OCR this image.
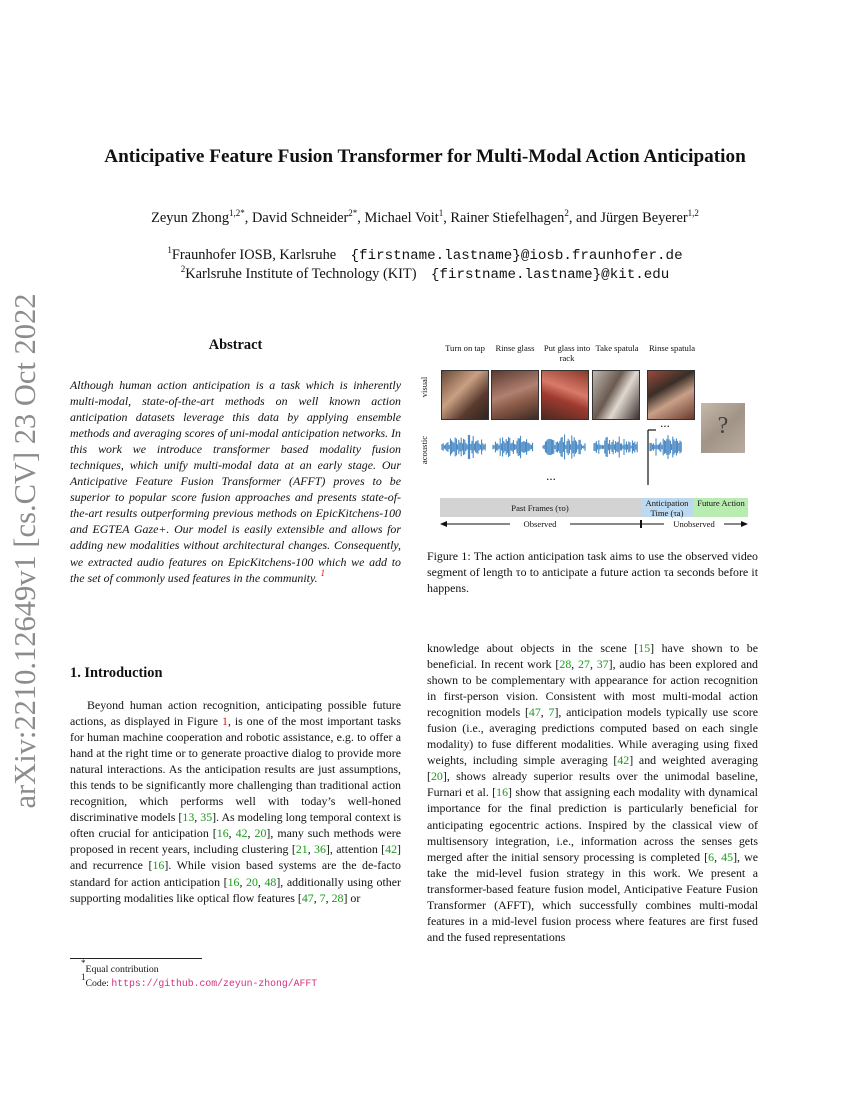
arXiv:2210.12649v1 [cs.CV] 23 Oct 2022
Anticipative Feature Fusion Transformer for Multi-Modal Action Anticipation
Zeyun Zhong$^{1,2*}$, David Schneider$^{2*}$, Michael Voit$^1$, Rainer Stiefelhagen$^2$, and Jürgen Beyerer$^{1,2}$
$^1$Fraunhofer IOSB, Karlsruhe {firstname.lastname}@iosb.fraunhofer.de
$^2$Karlsruhe Institute of Technology (KIT) {firstname.lastname}@kit.edu
Abstract
Although human action anticipation is a task which is inherently multi-modal, state-of-the-art methods on well known action anticipation datasets leverage this data by applying ensemble methods and averaging scores of uni-modal anticipation networks. In this work we introduce transformer based modality fusion techniques, which unify multi-modal data at an early stage. Our Anticipative Feature Fusion Transformer (AFFT) proves to be superior to popular score fusion approaches and presents state-of-the-art results outperforming previous methods on EpicKitchens-100 and EGTEA Gaze+. Our model is easily extensible and allows for adding new modalities without architectural changes. Consequently, we extracted audio features on EpicKitchens-100 which we add to the set of commonly used features in the community. $^1$
1. Introduction
Beyond human action recognition, anticipating possible future actions, as displayed in Figure 1, is one of the most important tasks for human machine cooperation and robotic assistance, e.g. to offer a hand at the right time or to generate proactive dialog to provide more natural interactions. As the anticipation results are just assumptions, this tends to be significantly more challenging than traditional action recognition, which performs well with today’s well-honed discriminative models [13, 35]. As modeling long temporal context is often crucial for anticipation [16, 42, 20], many such methods were proposed in recent years, including clustering [21, 36], attention [42] and recurrence [16]. While vision based systems are the de-facto standard for action anticipation [16, 20, 48], additionally using other supporting modalities like optical flow features [47, 7, 28] or
*Equal contribution
$^1$Code: https://github.com/zeyun-zhong/AFFT
knowledge about objects in the scene [15] have shown to be beneficial. In recent work [28, 27, 37], audio has been explored and shown to be complementary with appearance for action recognition in first-person vision. Consistent with most multi-modal action recognition models [47, 7], anticipation models typically use score fusion (i.e., averaging predictions computed based on each single modality) to fuse different modalities. While averaging using fixed weights, including simple averaging [42] and weighted averaging [20], shows already superior results over the unimodal baseline, Furnari et al. [16] show that assigning each modality with dynamical importance for the final prediction is particularly beneficial for anticipating egocentric actions. Inspired by the classical view of multisensory integration, i.e., information across the senses gets merged after the initial sensory processing is completed [6, 45], we take the mid-level fusion strategy in this work. We present a transformer-based feature fusion model, Anticipative Feature Fusion Transformer (AFFT), which successfully combines multi-modal features in a mid-level fusion process where features are first fused and the fused representations
Turn on tap	Rinse glass	Put glass into rack
Take spatula	Rinse spatula
visual
acoustic
?
...
...
Past Frames (τo)	Anticipation Time (τa)
Future Action
Observed	Unobserved
Figure 1: The action anticipation task aims to use the observed video segment of length τo to anticipate a future action τa seconds before it happens.
